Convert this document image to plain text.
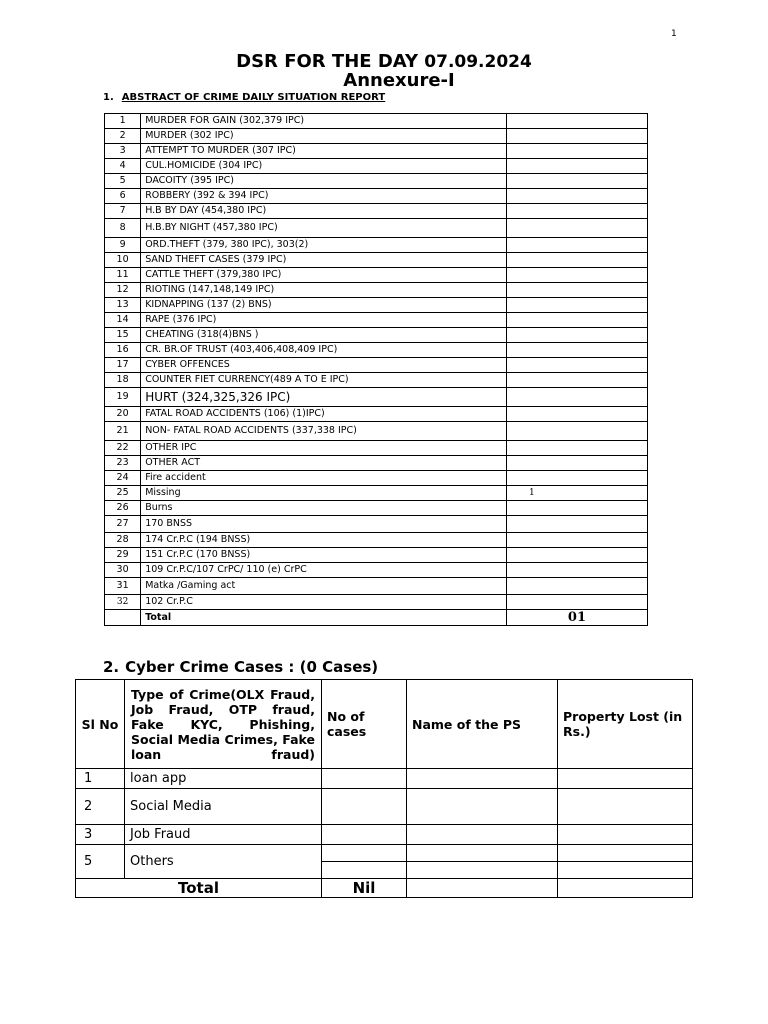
1
DSR FOR THE DAY 07.09.2024
Annexure-I
1. ABSTRACT OF CRIME DAILY SITUATION REPORT
1	MURDER FOR GAIN (302,379 IPC)	
2	MURDER (302 IPC)	
3	ATTEMPT TO MURDER (307 IPC)	
4	CUL.HOMICIDE (304 IPC)	
5	DACOITY (395 IPC)	
6	ROBBERY (392 & 394 IPC)	
7	H.B BY DAY (454,380 IPC)	
8	H.B.BY NIGHT (457,380 IPC)	
9	ORD.THEFT (379, 380 IPC), 303(2)	
10	SAND THEFT CASES (379 IPC)	
11	CATTLE THEFT (379,380 IPC)	
12	RIOTING (147,148,149 IPC)	
13	KIDNAPPING (137 (2) BNS)	
14	RAPE (376 IPC)	
15	CHEATING (318(4)BNS )	
16	CR. BR.OF TRUST (403,406,408,409 IPC)	
17	CYBER OFFENCES	
18	COUNTER FIET CURRENCY(489 A TO E IPC)	
19	HURT (324,325,326 IPC)	
20	FATAL ROAD ACCIDENTS (106) (1)IPC)	
21	NON- FATAL ROAD ACCIDENTS (337,338 IPC)	
22	OTHER IPC	
23	OTHER ACT	
24	Fire accident	
25	Missing	1
26	Burns	
27	170 BNSS	
28	174 Cr.P.C (194 BNSS)	
29	151 Cr.P.C (170 BNSS)	
30	109 Cr.P.C/107 CrPC/ 110 (e) CrPC	
31	Matka /Gaming act	
32	102 Cr.P.C	
	Total	01
2. Cyber Crime Cases : (0 Cases)
Sl No	Type of Crime(OLX Fraud, Job Fraud, OTP fraud, Fake KYC, Phishing, Social Media Crimes, Fake loan fraud)	No of cases	Name of the PS	Property Lost (in Rs.)
1	loan app			
2	Social Media			
3	Job Fraud			
5	Others			

Total		Nil		
